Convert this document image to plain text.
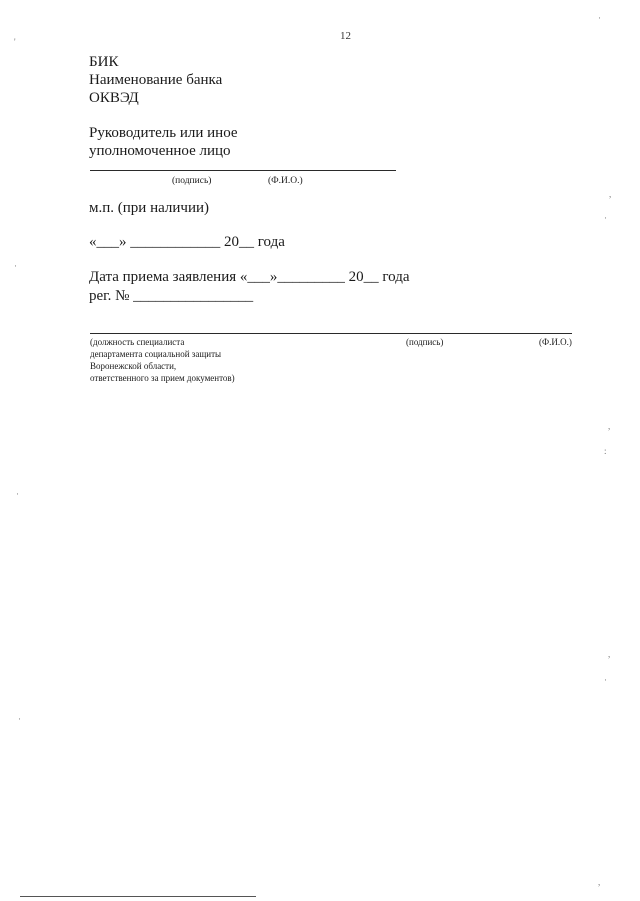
12
БИК
Наименование банка
ОКВЭД
Руководитель или иное
уполномоченное лицо
(подпись)	(Ф.И.О.)
м.п. (при наличии)
«___» ____________ 20__ года
Дата приема заявления «___»_________ 20__ года
рег. № ________________
(должность специалиста
департамента социальной защиты
Воронежской области,
ответственного за прием документов)
(подпись)	(Ф.И.О.)
'
·
,
·
·
,
:
·
,
·
·
,
